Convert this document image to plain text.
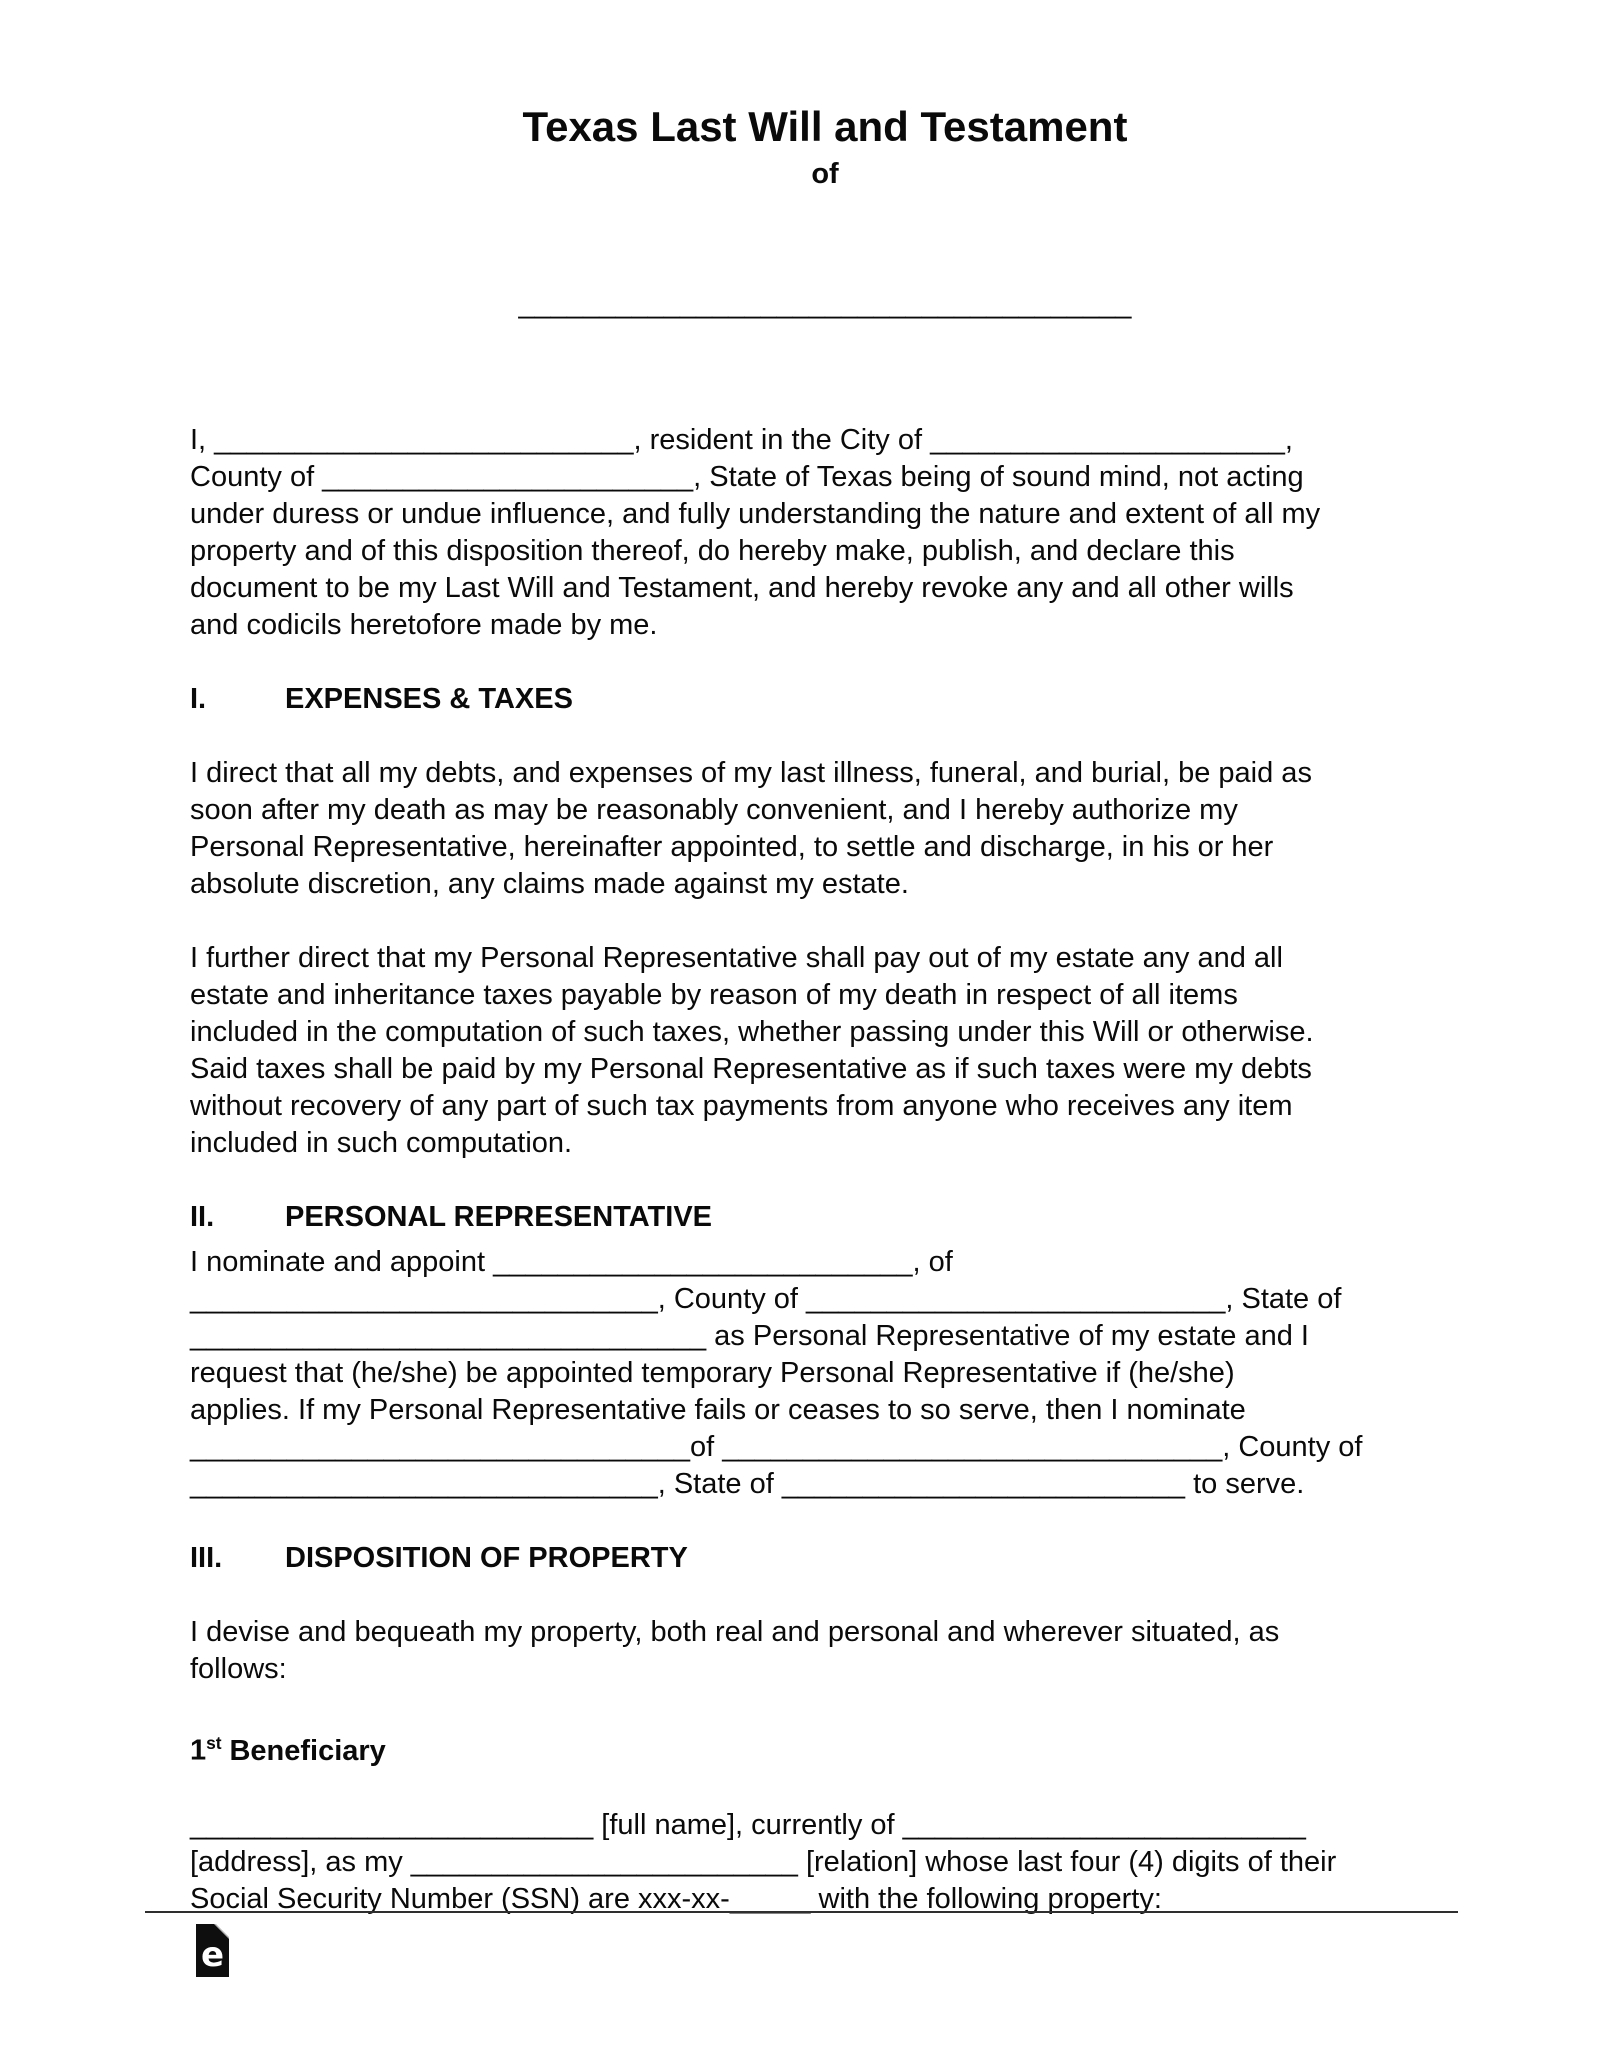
Texas Last Will and Testament
of
______________________________________
I, __________________________, resident in the City of ______________________,
County of _______________________, State of Texas being of sound mind, not acting
under duress or undue influence, and fully understanding the nature and extent of all my
property and of this disposition thereof, do hereby make, publish, and declare this
document to be my Last Will and Testament, and hereby revoke any and all other wills
and codicils heretofore made by me.
I.	EXPENSES & TAXES
I direct that all my debts, and expenses of my last illness, funeral, and burial, be paid as
soon after my death as may be reasonably convenient, and I hereby authorize my
Personal Representative, hereinafter appointed, to settle and discharge, in his or her
absolute discretion, any claims made against my estate.
I further direct that my Personal Representative shall pay out of my estate any and all
estate and inheritance taxes payable by reason of my death in respect of all items
included in the computation of such taxes, whether passing under this Will or otherwise.
Said taxes shall be paid by my Personal Representative as if such taxes were my debts
without recovery of any part of such tax payments from anyone who receives any item
included in such computation.
II. PERSONAL REPRESENTATIVE
I nominate and appoint __________________________, of
_____________________________, County of __________________________, State of
________________________________ as Personal Representative of my estate and I
request that (he/she) be appointed temporary Personal Representative if (he/she)
applies. If my Personal Representative fails or ceases to so serve, then I nominate
_______________________________of _______________________________, County of
_____________________________, State of _________________________ to serve.
III. DISPOSITION OF PROPERTY
I devise and bequeath my property, both real and personal and wherever situated, as
follows:
1st Beneficiary
_________________________ [full name], currently of _________________________
[address], as my ________________________ [relation] whose last four (4) digits of their
Social Security Number (SSN) are xxx-xx-_____ with the following property:
e
